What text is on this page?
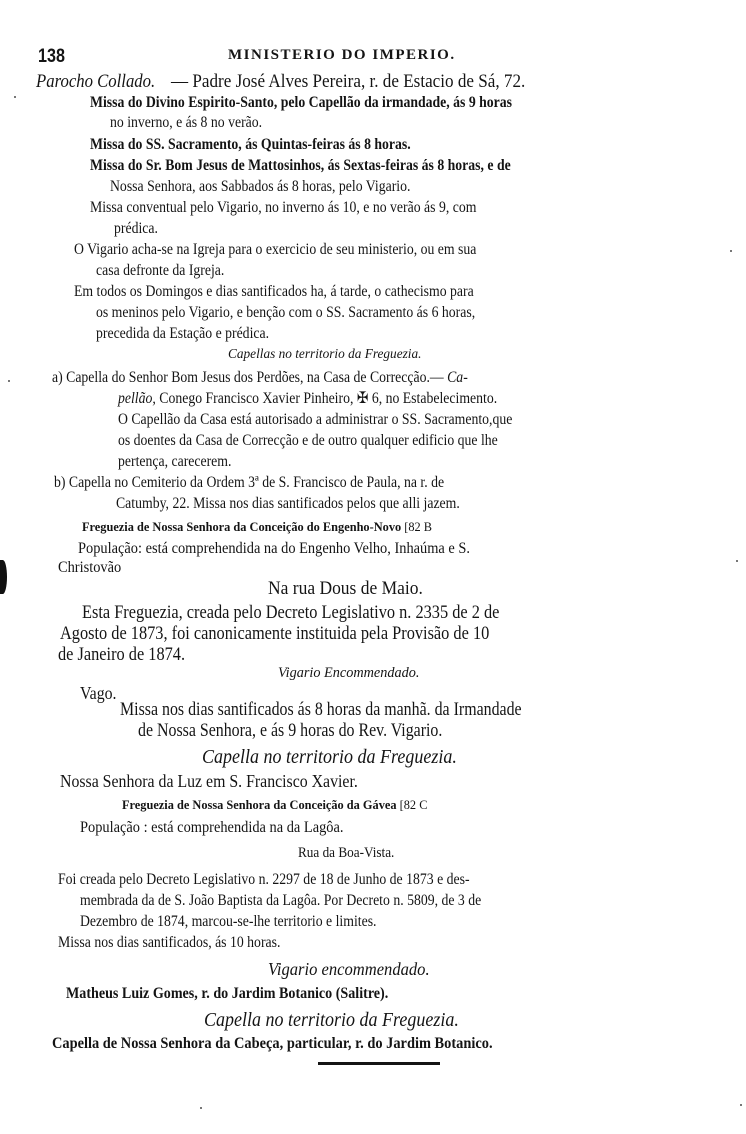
138	MINISTERIO DO IMPERIO.
Parocho Collado. — Padre José Alves Pereira, r. de Estacio de Sá, 72.
Missa do Divino Espirito-Santo, pelo Capellão da irmandade, ás 9 horas
no inverno, e ás 8 no verão.
Missa do SS. Sacramento, ás Quintas-feiras ás 8 horas.
Missa do Sr. Bom Jesus de Mattosinhos, ás Sextas-feiras ás 8 horas, e de
Nossa Senhora, aos Sabbados ás 8 horas, pelo Vigario.
Missa conventual pelo Vigario, no inverno ás 10, e no verão ás 9, com
prédica.
O Vigario acha-se na Igreja para o exercicio de seu ministerio, ou em sua
casa defronte da Igreja.
Em todos os Domingos e dias santificados ha, á tarde, o cathecismo para
os meninos pelo Vigario, e benção com o SS. Sacramento ás 6 horas,
precedida da Estação e prédica.
Capellas no territorio da Freguezia.
a) Capella do Senhor Bom Jesus dos Perdões, na Casa de Correcção.— Ca-
pellão, Conego Francisco Xavier Pinheiro, ✠ 6, no Estabelecimento.
O Capellão da Casa está autorisado a administrar o SS. Sacramento,que
os doentes da Casa de Correcção e de outro qualquer edificio que lhe
pertença, carecerem.
b) Capella no Cemiterio da Ordem 3ª de S. Francisco de Paula, na r. de
Catumby, 22. Missa nos dias santificados pelos que alli jazem.
Freguezia de Nossa Senhora da Conceição do Engenho-Novo [82 B
População: está comprehendida na do Engenho Velho, Inhaúma e S.
Christovão
Na rua Dous de Maio.
Esta Freguezia, creada pelo Decreto Legislativo n. 2335 de 2 de
Agosto de 1873, foi canonicamente instituida pela Provisão de 10
de Janeiro de 1874.
Vigario Encommendado.
Vago.
Missa nos dias santificados ás 8 horas da manhã. da Irmandade
de Nossa Senhora, e ás 9 horas do Rev. Vigario.
Capella no territorio da Freguezia.
Nossa Senhora da Luz em S. Francisco Xavier.
Freguezia de Nossa Senhora da Conceição da Gávea [82 C
População : está comprehendida na da Lagôa.
Rua da Boa-Vista.
Foi creada pelo Decreto Legislativo n. 2297 de 18 de Junho de 1873 e des-
membrada da de S. João Baptista da Lagôa. Por Decreto n. 5809, de 3 de
Dezembro de 1874, marcou-se-lhe territorio e limites.
Missa nos dias santificados, ás 10 horas.
Vigario encommendado.
Matheus Luiz Gomes, r. do Jardim Botanico (Salitre).
Capella no territorio da Freguezia.
Capella de Nossa Senhora da Cabeça, particular, r. do Jardim Botanico.
